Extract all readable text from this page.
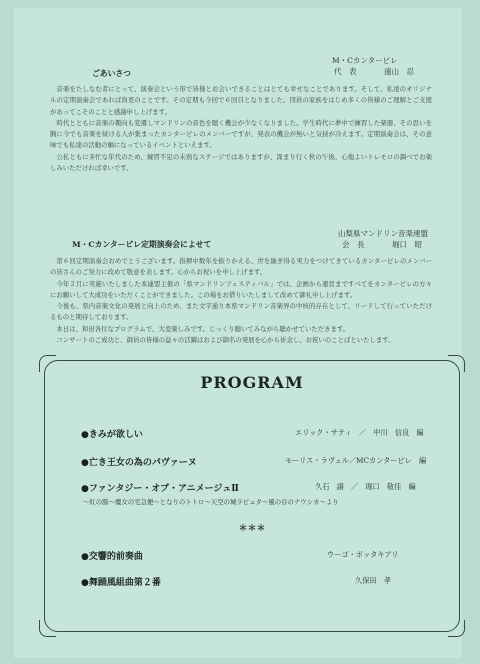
M・Cカンタービレ
代　表	遠山　忍
ごあいさつ

音楽をたしなむ者にとって、演奏会という形で皆様とお会いできることはとても幸せなことであります。そして、私達のオリジナルの定期演奏会であれば尚更のことです。その定期も今回で６回目となりました。団員の家族をはじめ多くの皆様のご理解とご支援があってこそのことと感謝申し上げます。

時代とともに音楽の趣向も変遷しマンドリンの音色を聴く機会が少なくなりました。学生時代に夢中で練習した楽器、その思いを胸に今でも音楽を続ける人が集まったカンタービレのメンバーですが、発表の機会が無いと気持が冷えます。定期演奏会は、その意味でも私達の活動の軸になっているイベントといえます。

公私ともに多忙な年代のため、練習不足の未熟なステージではありますが、深まり行く秋の午後、心地よいトレモロの調べでお楽しみいただければ幸いです。

山梨県マンドリン音楽連盟
会　長	堀口　昭
M・Cカンタービレ定期演奏会によせて

第６回定期演奏会おめでとうございます。指揮中数年を振りかえる、世を継ぎ得る実力をつけてきているカンタービレのメンバーの皆さんのご努力に改めて敬意を表します。心からお祝いを申し上げます。

今年２月に実施いたしました本連盟主催の「県マンドリンフェスティバル」では、企画から運営まですべてをカンタービレの方々にお願いして大成功をいただくことができました。この場をお借りいたしまして改めて御礼申し上げます。

今後も、県内音楽文化の発展と向上のため、また文字通り本県マンドリン音楽界の中核的存在として、リードして行っていただけるものと期待しております。

本日は、和田各位なプログラムで、大変楽しみです。じっくり聴いてみながら聴かせていただきます。

コンサートのご成功と、御員の皆様の益々の活躍はおよび御名の発展を心から祈念し、お祝いのことばといたします。

PROGRAM
●きみが欲しい	エリック・サティ　／　中川　信良　編
●亡き王女の為のパヴァーヌ	モーリス・ラヴェル／MCカンターピレ　編
●ファンタジー・オブ・アニメージュⅡ	久石　譲　／　堀口　敬佳　編
～紅の豚～魔女の宅急便～となりのトトロ～天空の城ラピュタ～風の谷のナウシカ～より
＊＊＊
●交響的前奏曲	ウーゴ・ボッタキアリ
●舞踊風組曲第２番	久保田　孝
